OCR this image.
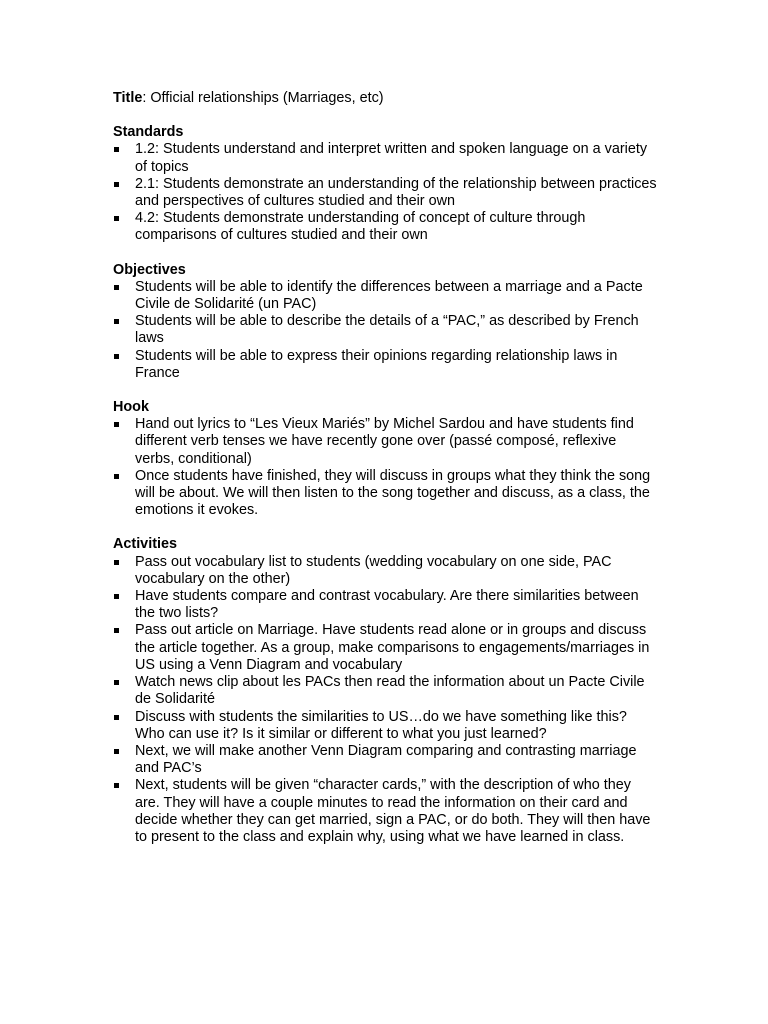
Title: Official relationships (Marriages, etc)

Standards

1.2: Students understand and interpret written and spoken language on a variety of topics
2.1: Students demonstrate an understanding of the relationship between practices and perspectives of cultures studied and their own
4.2: Students demonstrate understanding of concept of culture through comparisons of cultures studied and their own

Objectives

Students will be able to identify the differences between a marriage and a Pacte Civile de Solidarité (un PAC)
Students will be able to describe the details of a “PAC,” as described by French laws
Students will be able to express their opinions regarding relationship laws in France

Hook

Hand out lyrics to “Les Vieux Mariés” by Michel Sardou and have students find different verb tenses we have recently gone over (passé composé, reflexive verbs, conditional)
Once students have finished, they will discuss in groups what they think the song will be about. We will then listen to the song together and discuss, as a class, the emotions it evokes.

Activities

Pass out vocabulary list to students (wedding vocabulary on one side, PAC vocabulary on the other)
Have students compare and contrast vocabulary. Are there similarities between the two lists?
Pass out article on Marriage. Have students read alone or in groups and discuss the article together. As a group, make comparisons to engagements/marriages in US using a Venn Diagram and vocabulary
Watch news clip about les PACs then read the information about un Pacte Civile de Solidarité
Discuss with students the similarities to US…do we have something like this? Who can use it? Is it similar or different to what you just learned?
Next, we will make another Venn Diagram comparing and contrasting marriage and PAC’s
Next, students will be given “character cards,” with the description of who they are. They will have a couple minutes to read the information on their card and decide whether they can get married, sign a PAC, or do both. They will then have to present to the class and explain why, using what we have learned in class.
